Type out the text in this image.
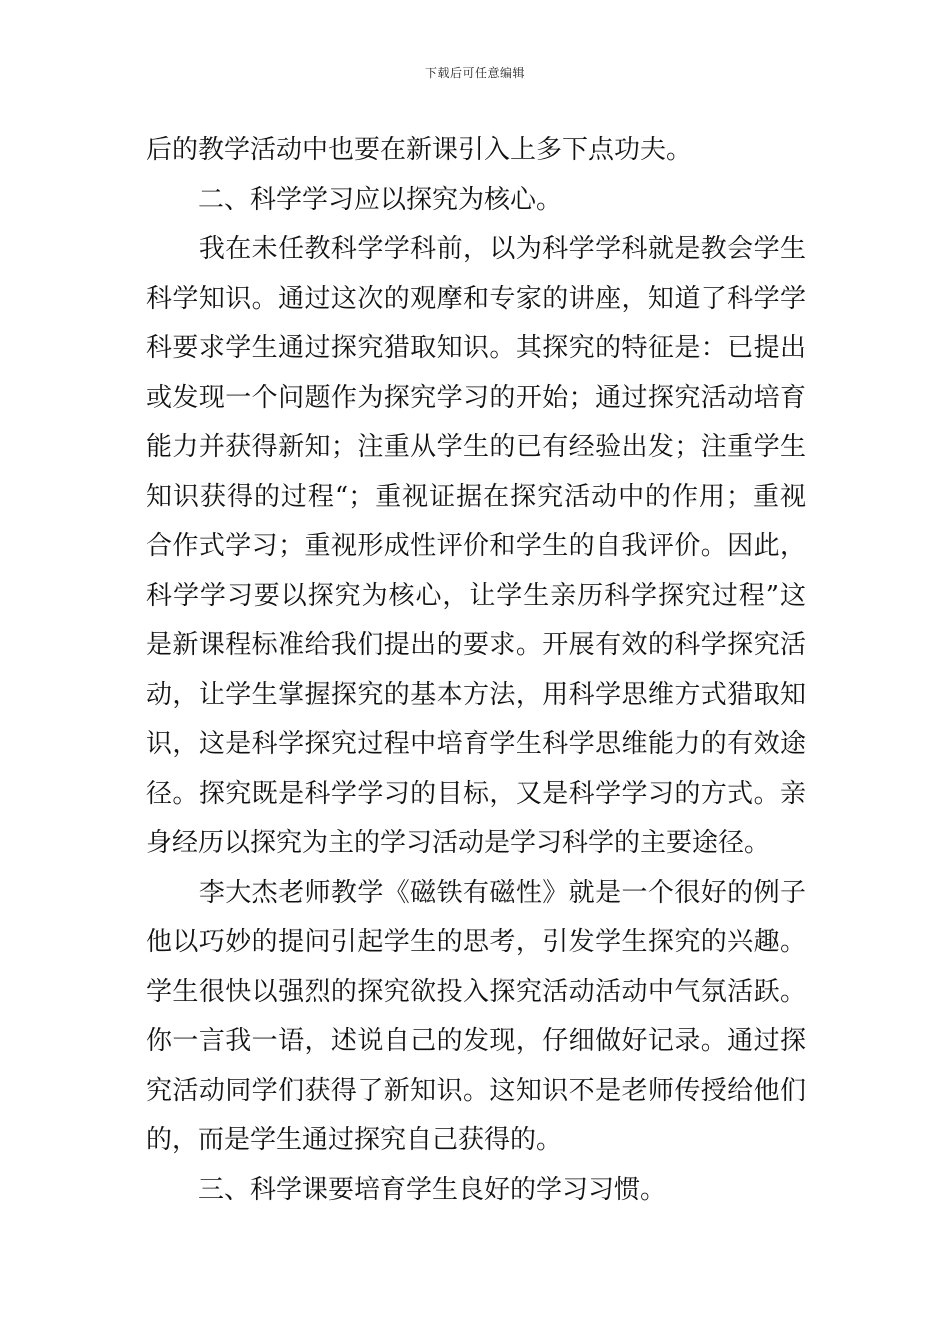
下载后可任意编辑
后的教学活动中也要在新课引入上多下点功夫。
　　二、科学学习应以探究为核心。
　　我在未任教科学学科前，以为科学学科就是教会学生
科学知识。通过这次的观摩和专家的讲座，知道了科学学
科要求学生通过探究猎取知识。其探究的特征是：已提出
或发现一个问题作为探究学习的开始；通过探究活动培育
能力并获得新知；注重从学生的已有经验出发；注重学生
知识获得的过程“；重视证据在探究活动中的作用；重视
合作式学习；重视形成性评价和学生的自我评价。因此，
科学学习要以探究为核心，让学生亲历科学探究过程”这
是新课程标准给我们提出的要求。开展有效的科学探究活
动，让学生掌握探究的基本方法，用科学思维方式猎取知
识，这是科学探究过程中培育学生科学思维能力的有效途
径。探究既是科学学习的目标，又是科学学习的方式。亲
身经历以探究为主的学习活动是学习科学的主要途径。
　　李大杰老师教学《磁铁有磁性》就是一个很好的例子
他以巧妙的提问引起学生的思考，引发学生探究的兴趣。
学生很快以强烈的探究欲投入探究活动活动中气氛活跃。
你一言我一语，述说自己的发现，仔细做好记录。通过探
究活动同学们获得了新知识。这知识不是老师传授给他们
的，而是学生通过探究自己获得的。
　　三、科学课要培育学生良好的学习习惯。
